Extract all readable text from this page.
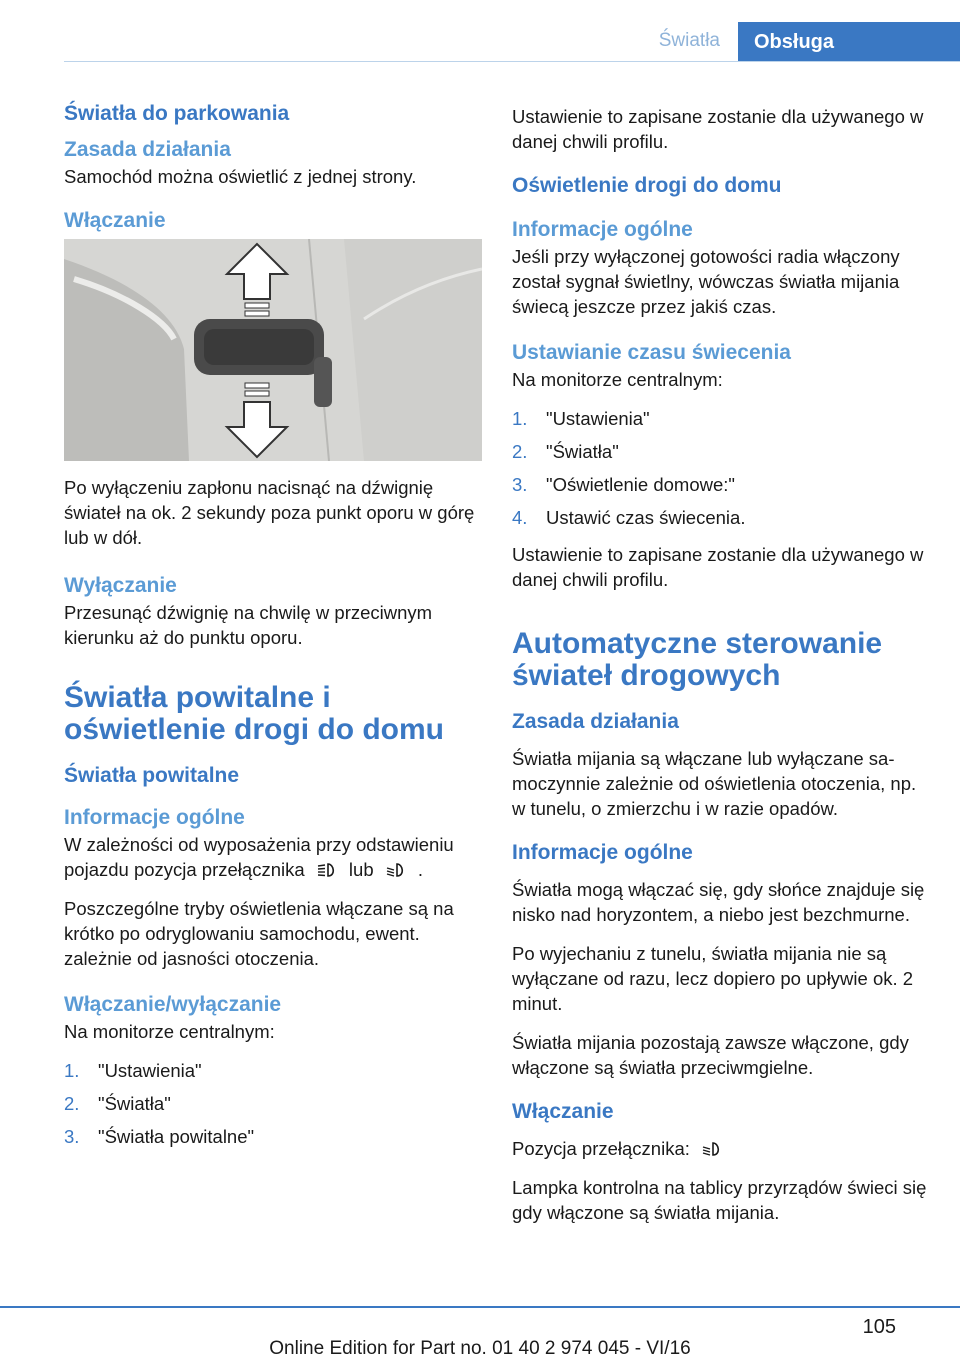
Światła	Obsługa
Światła do parkowania
Zasada działania

Samochód można oświetlić z jednej strony.

Włączanie

Po wyłączeniu zapłonu nacisnąć na dźwignię świateł na ok. 2 sekundy poza punkt oporu w górę lub w dół.

Wyłączanie

Przesunąć dźwignię na chwilę w przeciwnym kierunku aż do punktu oporu.

Światła powitalne i oświetlenie drogi do domu
Światła powitalne
Informacje ogólne

W zależności od wyposażenia przy odstawieniu pojazdu pozycja przełącznika lub .

Poszczególne tryby oświetlenia włączane są na krótko po odryglowaniu samochodu, ewent. zależnie od jasności otoczenia.

Włączanie/wyłączanie

Na monitorze centralnym:

1.	"Ustawienia"
2.	"Światła"
3.	"Światła powitalne"

Ustawienie to zapisane zostanie dla używanego w danej chwili profilu.

Oświetlenie drogi do domu
Informacje ogólne

Jeśli przy wyłączonej gotowości radia włączony został sygnał świetlny, wówczas światła mijania świecą jeszcze przez jakiś czas.

Ustawianie czasu świecenia

Na monitorze centralnym:

1.	"Ustawienia"
2.	"Światła"
3.	"Oświetlenie domowe:"
4.	Ustawić czas świecenia.

Ustawienie to zapisane zostanie dla używanego w danej chwili profilu.

Automatyczne sterowanie świateł drogowych
Zasada działania

Światła mijania są włączane lub wyłączane samoczynnie zależnie od oświetlenia otoczenia, np. w tunelu, o zmierzchu i w razie opadów.

Informacje ogólne

Światła mogą włączać się, gdy słońce znajduje się nisko nad horyzontem, a niebo jest bezchmurne.

Po wyjechaniu z tunelu, światła mijania nie są wyłączane od razu, lecz dopiero po upływie ok. 2 minut.

Światła mijania pozostają zawsze włączone, gdy włączone są światła przeciwmgielne.

Włączanie

Pozycja przełącznika:

Lampka kontrolna na tablicy przyrządów świeci się gdy włączone są światła mijania.

105
Online Edition for Part no. 01 40 2 974 045 - VI/16
